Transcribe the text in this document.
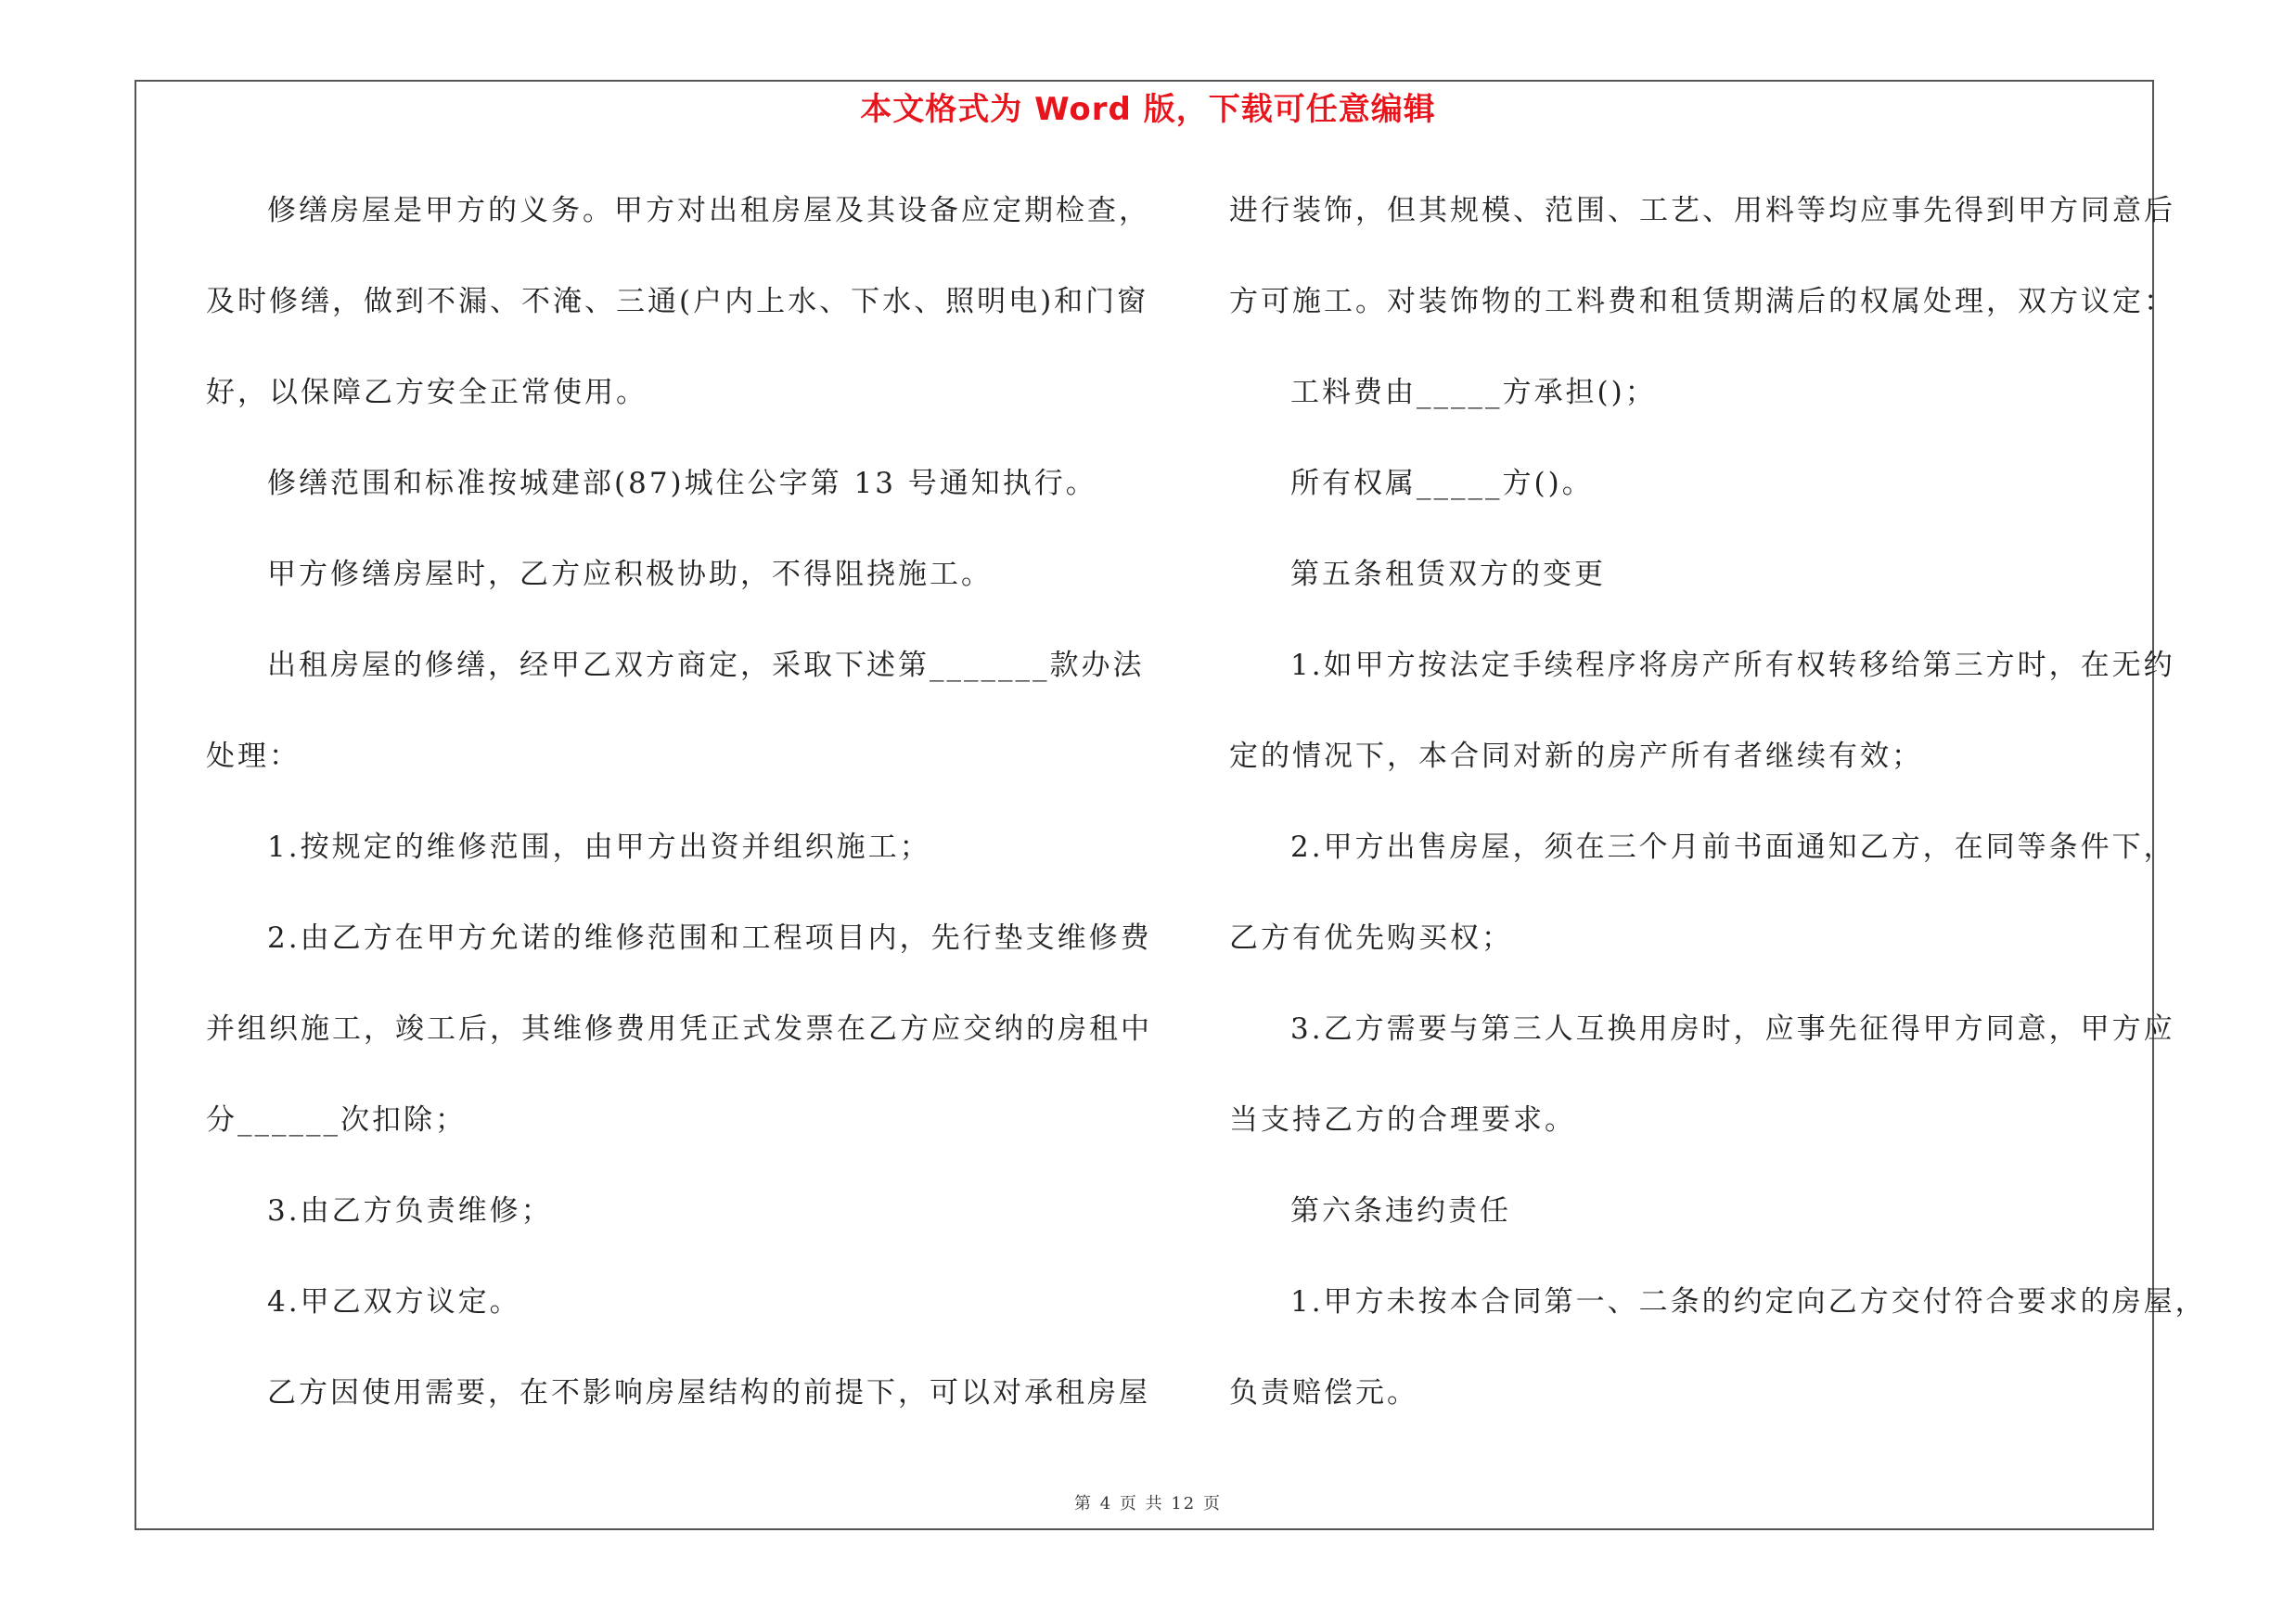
本文格式为 Word 版，下载可任意编辑
修缮房屋是甲方的义务。甲方对出租房屋及其设备应定期检查，
及时修缮，做到不漏、不淹、三通(户内上水、下水、照明电)和门窗
好，以保障乙方安全正常使用。
修缮范围和标准按城建部(87)城住公字第 13 号通知执行。
甲方修缮房屋时，乙方应积极协助，不得阻挠施工。
出租房屋的修缮，经甲乙双方商定，采取下述第_______款办法
处理：
1.按规定的维修范围，由甲方出资并组织施工；
2.由乙方在甲方允诺的维修范围和工程项目内，先行垫支维修费
并组织施工，竣工后，其维修费用凭正式发票在乙方应交纳的房租中
分______次扣除；
3.由乙方负责维修；
4.甲乙双方议定。
乙方因使用需要，在不影响房屋结构的前提下，可以对承租房屋
进行装饰，但其规模、范围、工艺、用料等均应事先得到甲方同意后
方可施工。对装饰物的工料费和租赁期满后的权属处理，双方议定：
工料费由_____方承担()；
所有权属_____方()。
第五条租赁双方的变更
1.如甲方按法定手续程序将房产所有权转移给第三方时，在无约
定的情况下，本合同对新的房产所有者继续有效；
2.甲方出售房屋，须在三个月前书面通知乙方，在同等条件下，
乙方有优先购买权；
3.乙方需要与第三人互换用房时，应事先征得甲方同意，甲方应
当支持乙方的合理要求。
第六条违约责任
1.甲方未按本合同第一、二条的约定向乙方交付符合要求的房屋，
负责赔偿元。
第 4 页 共 12 页
